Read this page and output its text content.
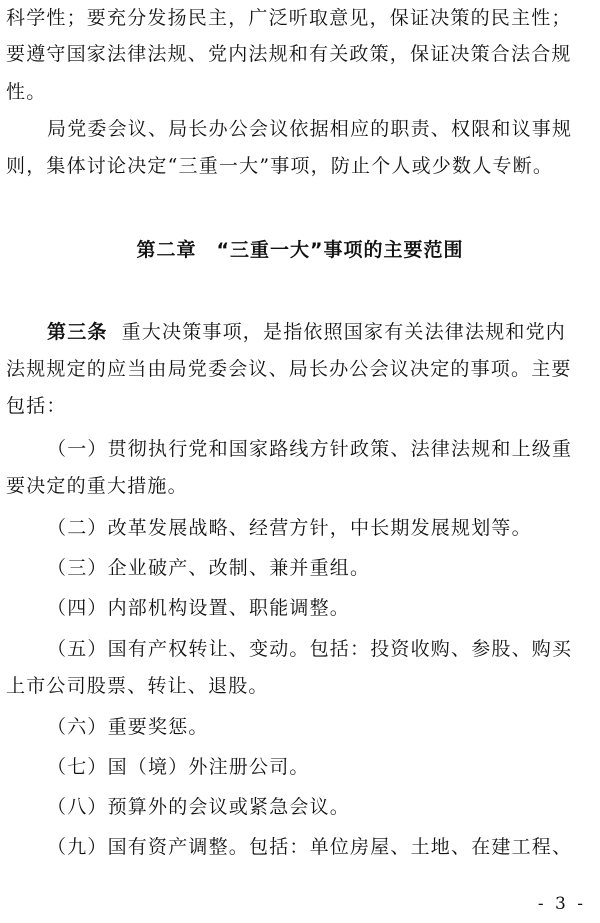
科学性；要充分发扬民主，广泛听取意见，保证决策的民主性；
要遵守国家法律法规、党内法规和有关政策，保证决策合法合规
性。
局党委会议、局长办公会议依据相应的职责、权限和议事规
则，集体讨论决定“三重一大”事项，防止个人或少数人专断。
第二章　“三重一大”事项的主要范围
第三条 重大决策事项，是指依照国家有关法律法规和党内
法规规定的应当由局党委会议、局长办公会议决定的事项。主要
包括：
（一）贯彻执行党和国家路线方针政策、法律法规和上级重
要决定的重大措施。
（二）改革发展战略、经营方针，中长期发展规划等。
（三）企业破产、改制、兼并重组。
（四）内部机构设置、职能调整。
（五）国有产权转让、变动。包括：投资收购、参股、购买
上市公司股票、转让、退股。
（六）重要奖惩。
（七）国（境）外注册公司。
（八）预算外的会议或紧急会议。
（九）国有资产调整。包括：单位房屋、土地、在建工程、
- 3 -
